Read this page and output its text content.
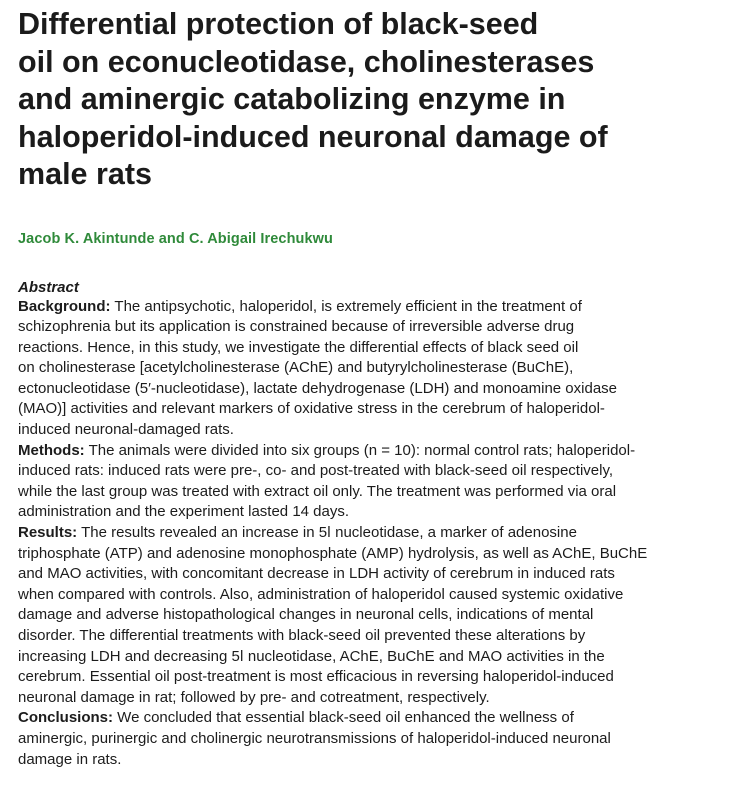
Differential protection of black-seed
oil on econucleotidase, cholinesterases
and aminergic catabolizing enzyme in
haloperidol-induced neuronal damage of
male rats
Jacob K. Akintunde and C. Abigail Irechukwu
Abstract
Background: The antipsychotic, haloperidol, is extremely efficient in the treatment of
schizophrenia but its application is constrained because of irreversible adverse drug
reactions. Hence, in this study, we investigate the differential effects of black seed oil
on cholinesterase [acetylcholinesterase (AChE) and butyrylcholinesterase (BuChE),
ectonucleotidase (5′-nucleotidase), lactate dehydrogenase (LDH) and monoamine oxidase
(MAO)] activities and relevant markers of oxidative stress in the cerebrum of haloperidol-
induced neuronal-damaged rats.
Methods: The animals were divided into six groups (n = 10): normal control rats; haloperidol-
induced rats: induced rats were pre-, co- and post-treated with black-seed oil respectively,
while the last group was treated with extract oil only. The treatment was performed via oral
administration and the experiment lasted 14 days.
Results: The results revealed an increase in 5ǀ nucleotidase, a marker of adenosine
triphosphate (ATP) and adenosine monophosphate (AMP) hydrolysis, as well as AChE, BuChE
and MAO activities, with concomitant decrease in LDH activity of cerebrum in induced rats
when compared with controls. Also, administration of haloperidol caused systemic oxidative
damage and adverse histopathological changes in neuronal cells, indications of mental
disorder. The differential treatments with black-seed oil prevented these alterations by
increasing LDH and decreasing 5ǀ nucleotidase, AChE, BuChE and MAO activities in the
cerebrum. Essential oil post-treatment is most efficacious in reversing haloperidol-induced
neuronal damage in rat; followed by pre- and cotreatment, respectively.
Conclusions: We concluded that essential black-seed oil enhanced the wellness of
aminergic, purinergic and cholinergic neurotransmissions of haloperidol-induced neuronal
damage in rats.
